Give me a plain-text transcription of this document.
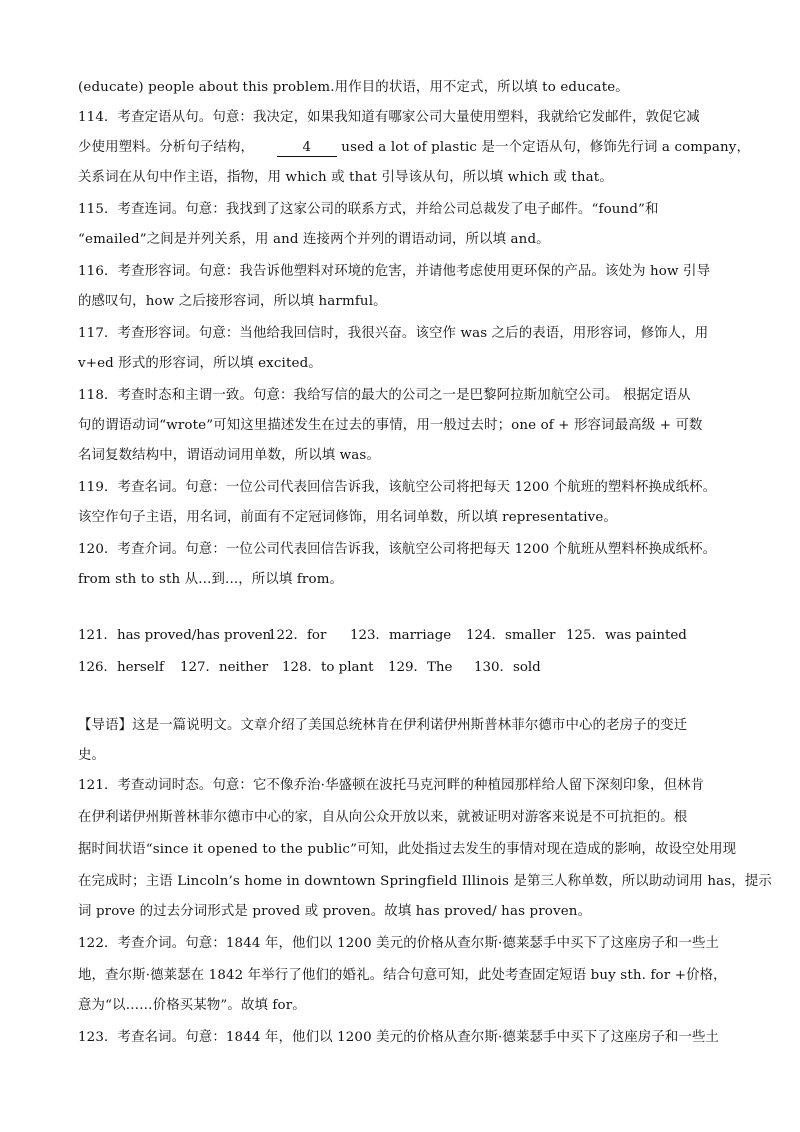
(educate) people about this problem.用作目的状语，用不定式，所以填 to educate。
114．考查定语从句。句意：我决定，如果我知道有哪家公司大量使用塑料，我就给它发邮件，敦促它减
少使用塑料。分析句子结构，	4 used a lot of plastic 是一个定语从句，修饰先行词 a company，
关系词在从句中作主语，指物，用 which 或 that 引导该从句，所以填 which 或 that。
115．考查连词。句意：我找到了这家公司的联系方式，并给公司总裁发了电子邮件。“found”和
“emailed”之间是并列关系，用 and 连接两个并列的谓语动词，所以填 and。
116．考查形容词。句意：我告诉他塑料对环境的危害，并请他考虑使用更环保的产品。该处为 how 引导
的感叹句，how 之后接形容词，所以填 harmful。
117．考查形容词。句意：当他给我回信时，我很兴奋。该空作 was 之后的表语，用形容词，修饰人，用
v+ed 形式的形容词，所以填 excited。
118．考查时态和主谓一致。句意：我给写信的最大的公司之一是巴黎阿拉斯加航空公司。 根据定语从
句的谓语动词“wrote”可知这里描述发生在过去的事情，用一般过去时；one of + 形容词最高级 + 可数
名词复数结构中，谓语动词用单数，所以填 was。
119．考查名词。句意：一位公司代表回信告诉我，该航空公司将把每天 1200 个航班的塑料杯换成纸杯。
该空作句子主语，用名词，前面有不定冠词修饰，用名词单数，所以填 representative。
120．考查介词。句意：一位公司代表回信告诉我，该航空公司将把每天 1200 个航班从塑料杯换成纸杯。
from sth to sth 从...到...，所以填 from。
121．has proved/has proven
122．for 123．marriage 124．smaller 125．was painted
126．herself 127．neither 128．to plant 129．The 130．sold
【导语】这是一篇说明文。文章介绍了美国总统林肯在伊利诺伊州斯普林菲尔德市中心的老房子的变迁
史。
121．考查动词时态。句意：它不像乔治·华盛顿在波托马克河畔的种植园那样给人留下深刻印象，但林肯
在伊利诺伊州斯普林菲尔德市中心的家，自从向公众开放以来，就被证明对游客来说是不可抗拒的。根
据时间状语“since it opened to the public”可知，此处指过去发生的事情对现在造成的影响，故设空处用现
在完成时；主语 Lincoln’s home in downtown Springfield Illinois 是第三人称单数，所以助动词用 has，提示
词 prove 的过去分词形式是 proved 或 proven。故填 has proved/ has proven。
122．考查介词。句意：1844 年，他们以 1200 美元的价格从查尔斯·德莱瑟手中买下了这座房子和一些土
地，查尔斯·德莱瑟在 1842 年举行了他们的婚礼。结合句意可知，此处考查固定短语 buy sth. for +价格，
意为“以……价格买某物”。故填 for。
123．考查名词。句意：1844 年，他们以 1200 美元的价格从查尔斯·德莱瑟手中买下了这座房子和一些土
